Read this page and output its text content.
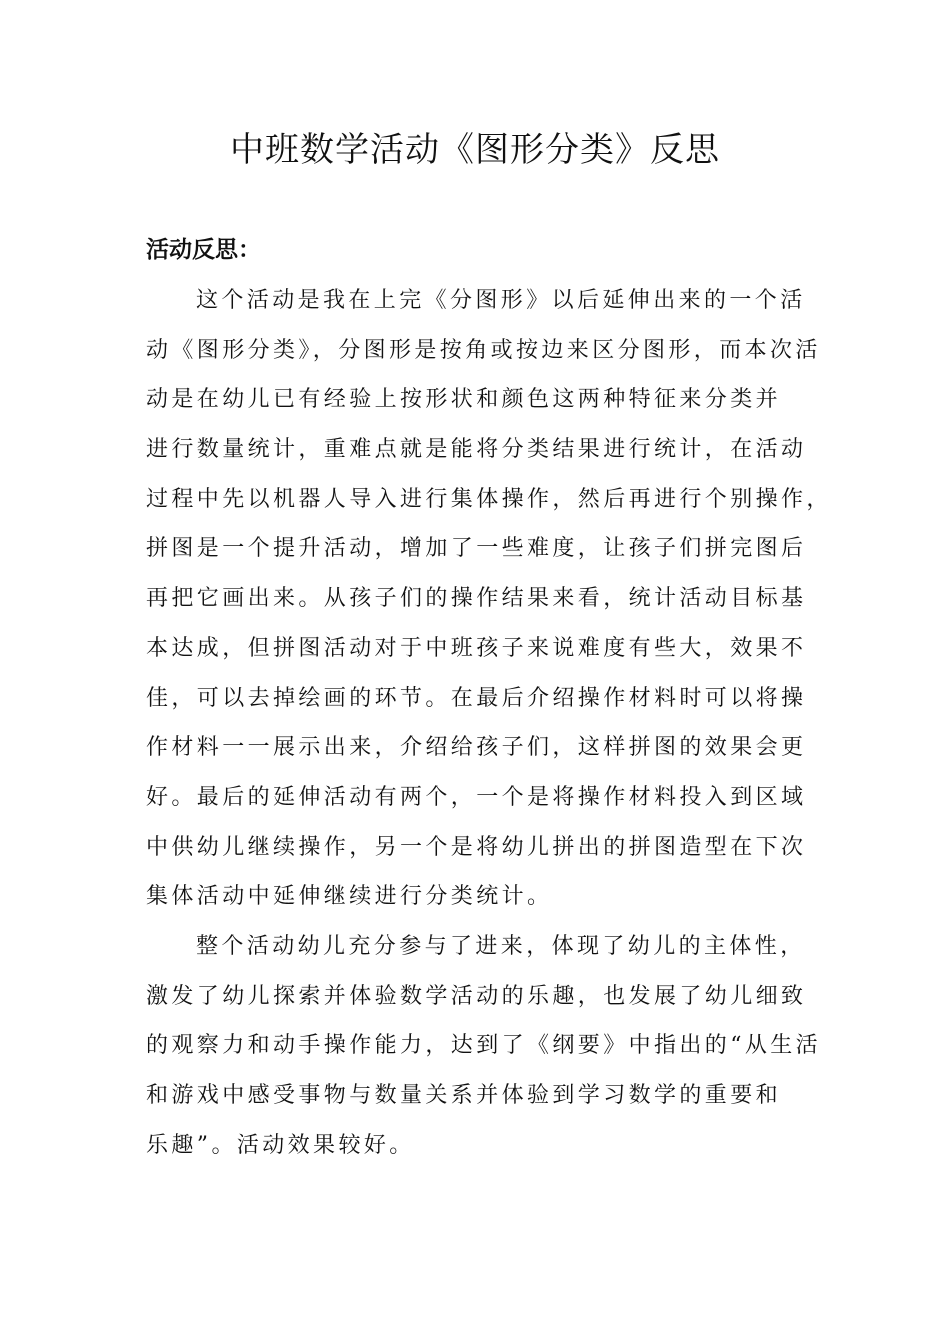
中班数学活动《图形分类》反思
活动反思：
这个活动是我在上完《分图形》以后延伸出来的一个活
动《图形分类》，分图形是按角或按边来区分图形，而本次活
动是在幼儿已有经验上按形状和颜色这两种特征来分类并
进行数量统计，重难点就是能将分类结果进行统计，在活动
过程中先以机器人导入进行集体操作，然后再进行个别操作，
拼图是一个提升活动，增加了一些难度，让孩子们拼完图后
再把它画出来。从孩子们的操作结果来看，统计活动目标基
本达成，但拼图活动对于中班孩子来说难度有些大，效果不
佳，可以去掉绘画的环节。在最后介绍操作材料时可以将操
作材料一一展示出来，介绍给孩子们，这样拼图的效果会更
好。最后的延伸活动有两个，一个是将操作材料投入到区域
中供幼儿继续操作，另一个是将幼儿拼出的拼图造型在下次
集体活动中延伸继续进行分类统计。
整个活动幼儿充分参与了进来，体现了幼儿的主体性，
激发了幼儿探索并体验数学活动的乐趣，也发展了幼儿细致
的观察力和动手操作能力，达到了《纲要》中指出的“从生活
和游戏中感受事物与数量关系并体验到学习数学的重要和
乐趣”。活动效果较好。
